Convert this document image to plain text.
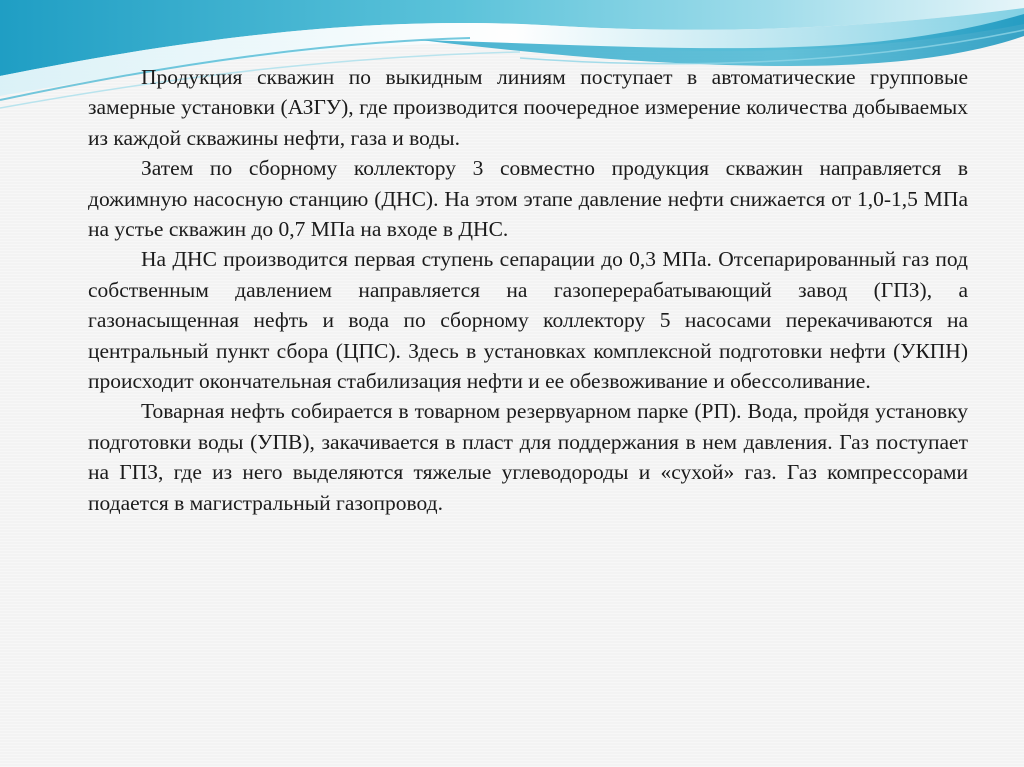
Продукция скважин по выкидным линиям поступает в автоматические групповые замерные установки (АЗГУ), где производится поочередное измерение количества добываемых из каждой скважины нефти, газа и воды.

Затем по сборному коллектору 3 совместно продукция скважин направляется в дожимную насосную станцию (ДНС). На этом этапе давление нефти снижается от 1,0-1,5 МПа на устье скважин до 0,7 МПа на входе в ДНС.

На ДНС производится первая ступень сепарации до 0,3 МПа. Отсепарированный газ под собственным давлением направляется на газоперерабатывающий завод (ГПЗ), а газонасыщенная нефть и вода по сборному коллектору 5 насосами перекачиваются на центральный пункт сбора (ЦПС). Здесь в установках комплексной подготовки нефти (УКПН) происходит окончательная стабилизация нефти и ее обезвоживание и обессоливание.

Товарная нефть собирается в товарном резервуарном парке (РП). Вода, пройдя установку подготовки воды (УПВ), закачивается в пласт для поддержания в нем давления. Газ поступает на ГПЗ, где из него выделяются тяжелые углеводороды и «сухой» газ. Газ компрессорами подается в магистральный газопровод.
